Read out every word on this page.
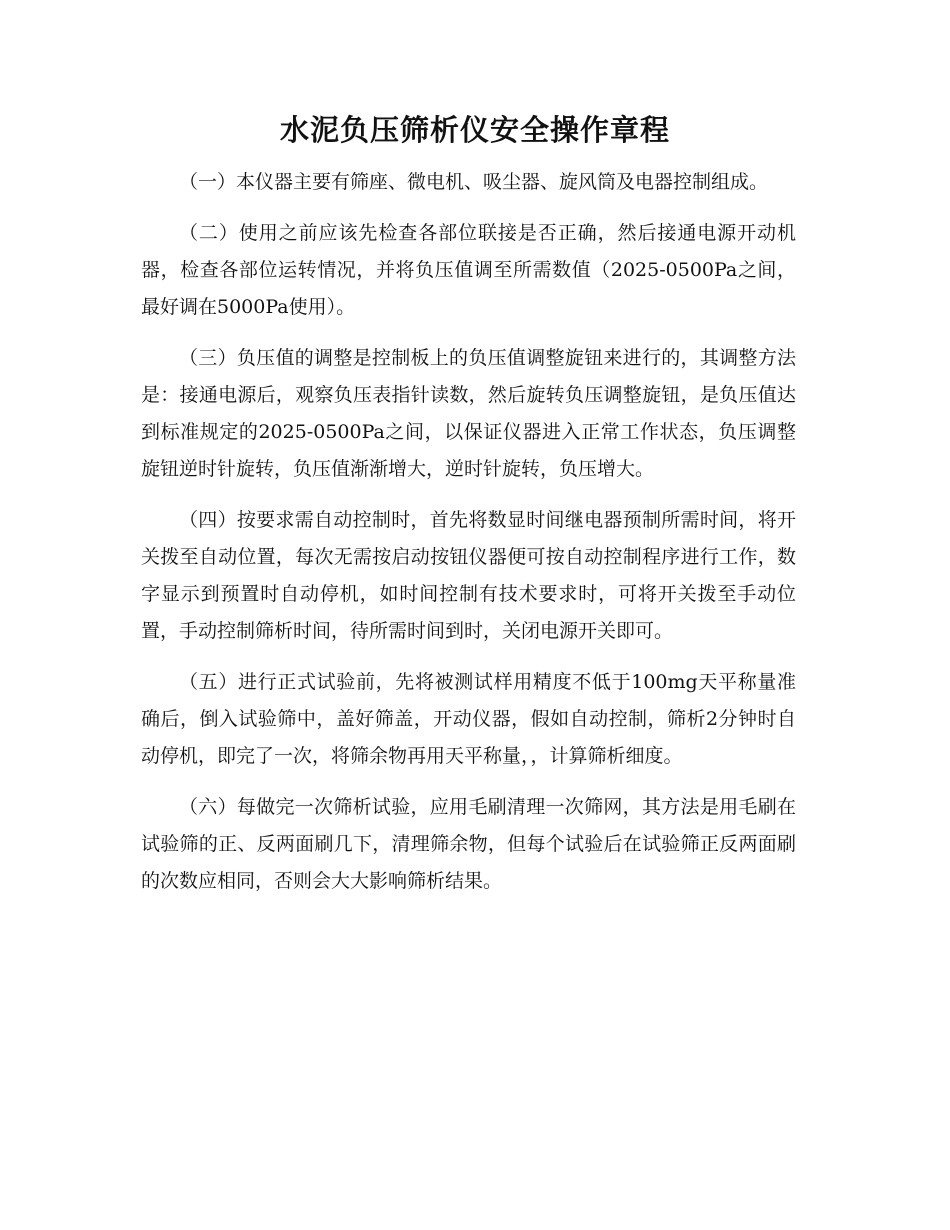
水泥负压筛析仪安全操作章程

（一）本仪器主要有筛座、微电机、吸尘器、旋风筒及电器控制组成。

（二）使用之前应该先检查各部位联接是否正确，然后接通电源开动机器，检查各部位运转情况，并将负压值调至所需数值（2025-0500Pa之间，最好调在5000Pa使用）。

（三）负压值的调整是控制板上的负压值调整旋钮来进行的，其调整方法是：接通电源后，观察负压表指针读数，然后旋转负压调整旋钮，是负压值达到标准规定的2025-0500Pa之间，以保证仪器进入正常工作状态，负压调整旋钮逆时针旋转，负压值渐渐增大，逆时针旋转，负压增大。

（四）按要求需自动控制时，首先将数显时间继电器预制所需时间，将开关拨至自动位置，每次无需按启动按钮仪器便可按自动控制程序进行工作，数字显示到预置时自动停机，如时间控制有技术要求时，可将开关拨至手动位置，手动控制筛析时间，待所需时间到时，关闭电源开关即可。

（五）进行正式试验前，先将被测试样用精度不低于100mg天平称量准确后，倒入试验筛中，盖好筛盖，开动仪器，假如自动控制，筛析2分钟时自动停机，即完了一次，将筛余物再用天平称量，，计算筛析细度。

（六）每做完一次筛析试验，应用毛刷清理一次筛网，其方法是用毛刷在试验筛的正、反两面刷几下，清理筛余物，但每个试验后在试验筛正反两面刷的次数应相同，否则会大大影响筛析结果。
